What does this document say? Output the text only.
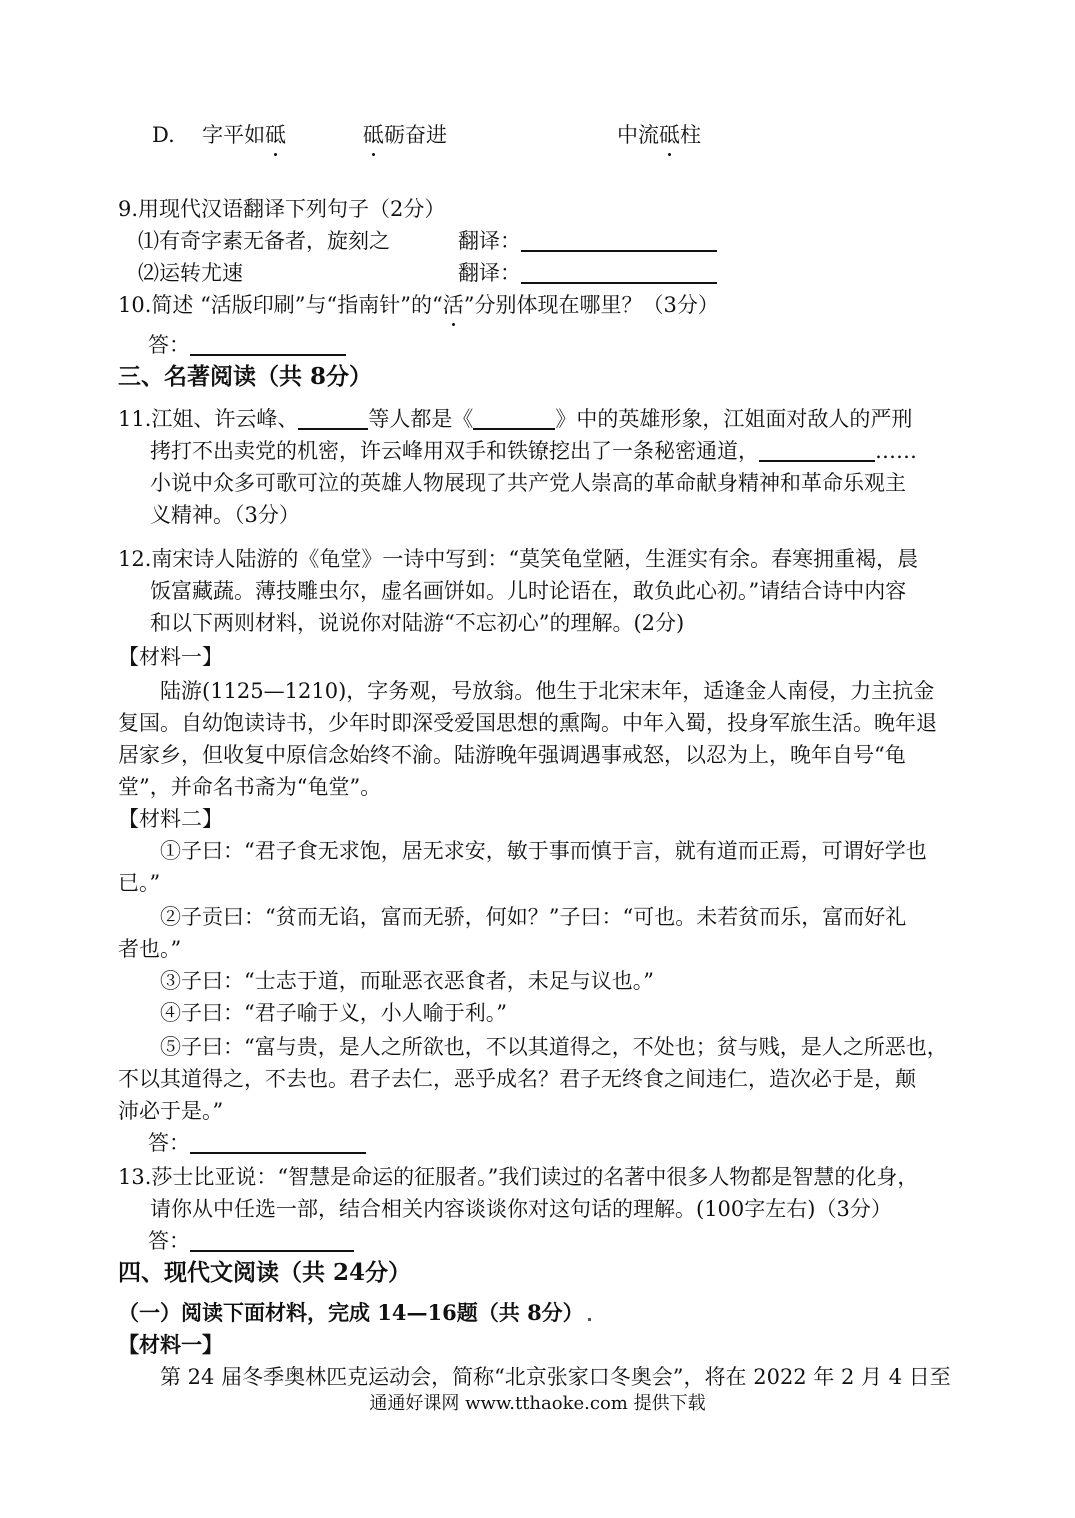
D. 字平如砥	砥砺奋进	中流砥柱
9.用现代汉语翻译下列句子（2分）
⑴有奇字素无备者，旋刻之	翻译：
⑵运转尤速	翻译：
10.简述 “活版印刷”与“指南针”的“活”分别体现在哪里？（3分）
答：
三、名著阅读（共 8分）
11.江姐、许云峰、	等人都是《	》中的英雄形象，江姐面对敌人的严刑
拷打不出卖党的机密，许云峰用双手和铁镣挖出了一条秘密通道，	……
小说中众多可歌可泣的英雄人物展现了共产党人崇高的革命献身精神和革命乐观主
义精神。（3分）
12.南宋诗人陆游的《龟堂》一诗中写到：“莫笑龟堂陋，生涯实有余。春寒拥重褐，晨
饭富藏蔬。薄技雕虫尔，虚名画饼如。儿时论语在，敢负此心初。”请结合诗中内容
和以下两则材料，说说你对陆游“不忘初心”的理解。(2分)
【材料一】
陆游(1125—1210)，字务观，号放翁。他生于北宋末年，适逢金人南侵，力主抗金
复国。自幼饱读诗书，少年时即深受爱国思想的熏陶。中年入蜀，投身军旅生活。晚年退
居家乡，但收复中原信念始终不渝。陆游晚年强调遇事戒怒，以忍为上，晚年自号“龟
堂”，并命名书斋为“龟堂”。
【材料二】
①子曰：“君子食无求饱，居无求安，敏于事而慎于言，就有道而正焉，可谓好学也
已。”
②子贡曰：“贫而无谄，富而无骄，何如？”子曰：“可也。未若贫而乐，富而好礼
者也。”
③子曰：“士志于道，而耻恶衣恶食者，未足与议也。”
④子曰：“君子喻于义，小人喻于利。”
⑤子曰：“富与贵，是人之所欲也，不以其道得之，不处也；贫与贱，是人之所恶也，
不以其道得之，不去也。君子去仁，恶乎成名？君子无终食之间违仁，造次必于是，颠
沛必于是。”
答：
13.莎士比亚说：“智慧是命运的征服者。”我们读过的名著中很多人物都是智慧的化身，
请你从中任选一部，结合相关内容谈谈你对这句话的理解。(100字左右)（3分）
答：
四、现代文阅读（共 24分）
（一）阅读下面材料，完成 14—16题（共 8分）
【材料一】
第 24 届冬季奥林匹克运动会，简称“北京张家口冬奥会”，将在 2022 年 2 月 4 日至
通通好课网 www.tthaoke.com 提供下载
